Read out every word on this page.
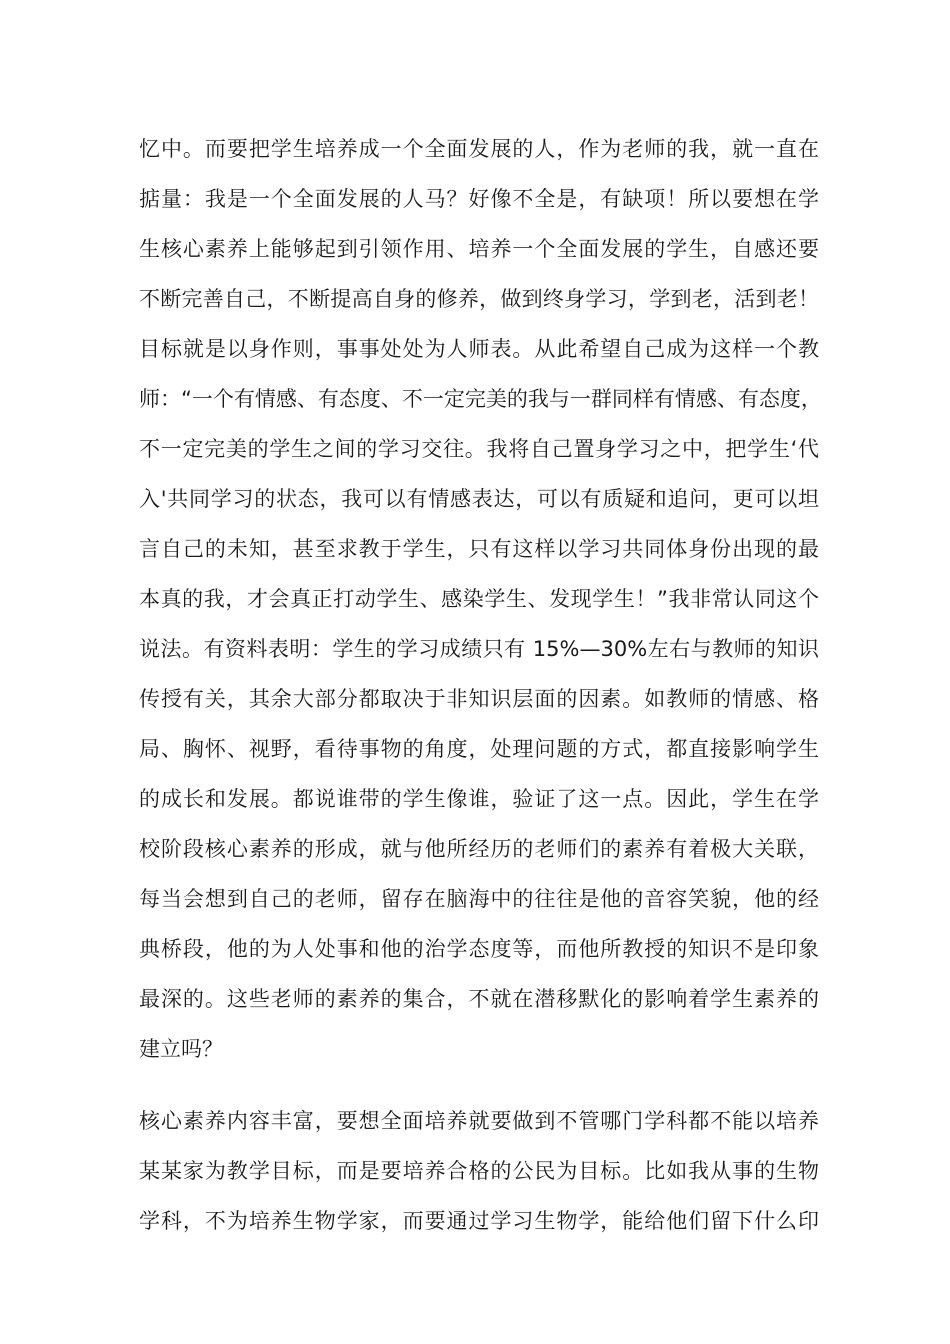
忆中。而要把学生培养成一个全面发展的人，作为老师的我，就一直在
掂量：我是一个全面发展的人马？好像不全是，有缺项！所以要想在学
生核心素养上能够起到引领作用、培养一个全面发展的学生，自感还要
不断完善自己，不断提高自身的修养，做到终身学习，学到老，活到老！
目标就是以身作则，事事处处为人师表。从此希望自己成为这样一个教
师：“一个有情感、有态度、不一定完美的我与一群同样有情感、有态度，
不一定完美的学生之间的学习交往。我将自己置身学习之中，把学生‘代
入'共同学习的状态，我可以有情感表达，可以有质疑和追问，更可以坦
言自己的未知，甚至求教于学生，只有这样以学习共同体身份出现的最
本真的我，才会真正打动学生、感染学生、发现学生！”我非常认同这个
说法。有资料表明：学生的学习成绩只有 15%—30%左右与教师的知识
传授有关，其余大部分都取决于非知识层面的因素。如教师的情感、格
局、胸怀、视野，看待事物的角度，处理问题的方式，都直接影响学生
的成长和发展。都说谁带的学生像谁，验证了这一点。因此，学生在学
校阶段核心素养的形成，就与他所经历的老师们的素养有着极大关联，
每当会想到自己的老师，留存在脑海中的往往是他的音容笑貌，他的经
典桥段，他的为人处事和他的治学态度等，而他所教授的知识不是印象
最深的。这些老师的素养的集合，不就在潜移默化的影响着学生素养的
建立吗？
核心素养内容丰富，要想全面培养就要做到不管哪门学科都不能以培养
某某家为教学目标，而是要培养合格的公民为目标。比如我从事的生物
学科，不为培养生物学家，而要通过学习生物学，能给他们留下什么印
